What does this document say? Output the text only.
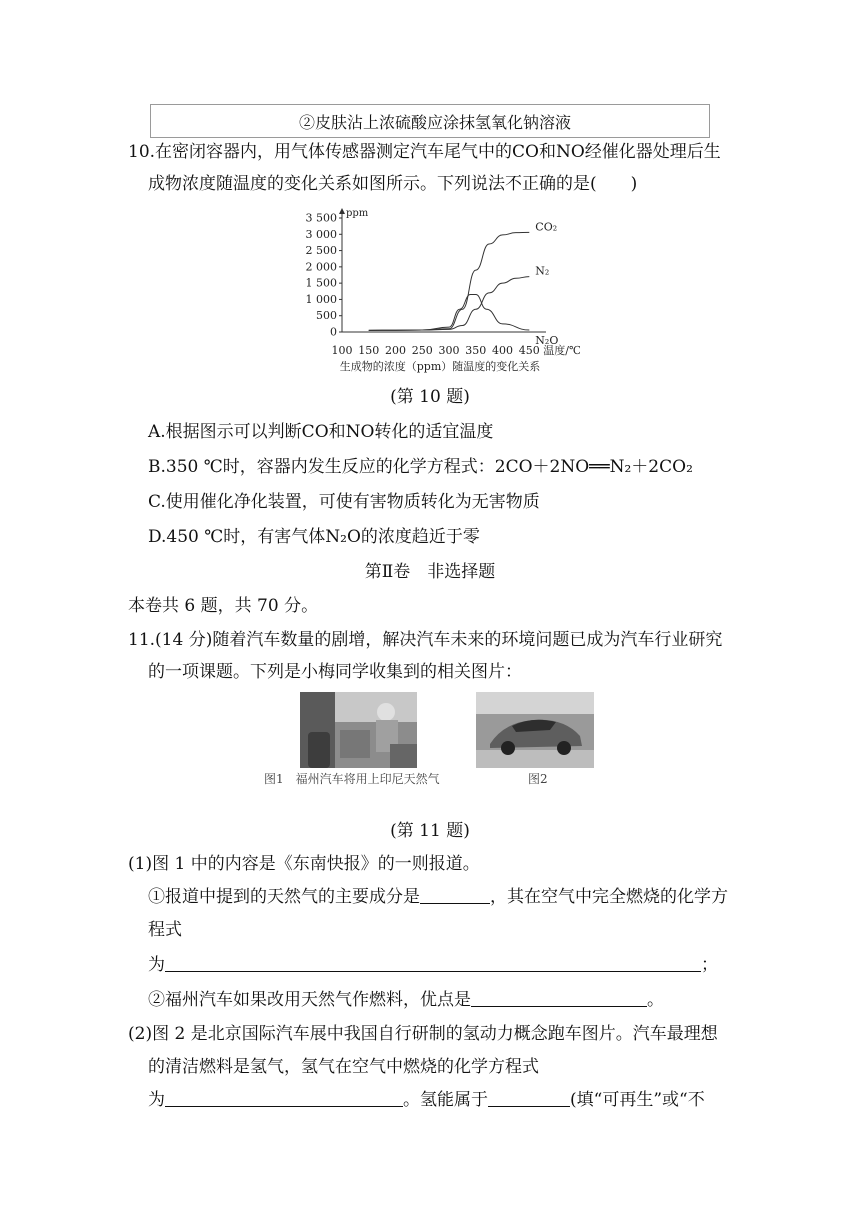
②皮肤沾上浓硫酸应涂抹氢氧化钠溶液
10.在密闭容器内，用气体传感器测定汽车尾气中的CO和NO经催化器处理后生
成物浓度随温度的变化关系如图所示。下列说法不正确的是(　　)
ppm
0
500
1 000
1 500
2 000
2 500
3 000
3 500
100 150 200 250 300 350 400 450 温度/℃
生成物的浓度（ppm）随温度的变化关系
CO₂
N₂
N₂O
(第 10 题)
A.根据图示可以判断CO和NO转化的适宜温度
B.350 ℃时，容器内发生反应的化学方程式：2CO＋2NO══N₂＋2CO₂
C.使用催化净化装置，可使有害物质转化为无害物质
D.450 ℃时，有害气体N₂O的浓度趋近于零
第Ⅱ卷　非选择题
本卷共 6 题，共 70 分。
11.(14 分)随着汽车数量的剧增，解决汽车未来的环境问题已成为汽车行业研究
的一项课题。下列是小梅同学收集到的相关图片：
图1　福州汽车将用上印尼天然气	图2
(第 11 题)
(1)图 1 中的内容是《东南快报》的一则报道。
①报道中提到的天然气的主要成分是	，其在空气中完全燃烧的化学方
程式
为	；
②福州汽车如果改用天然气作燃料，优点是	。
(2)图 2 是北京国际汽车展中我国自行研制的氢动力概念跑车图片。汽车最理想
的清洁燃料是氢气，氢气在空气中燃烧的化学方程式
为	。氢能属于	(填“可再生”或“不
